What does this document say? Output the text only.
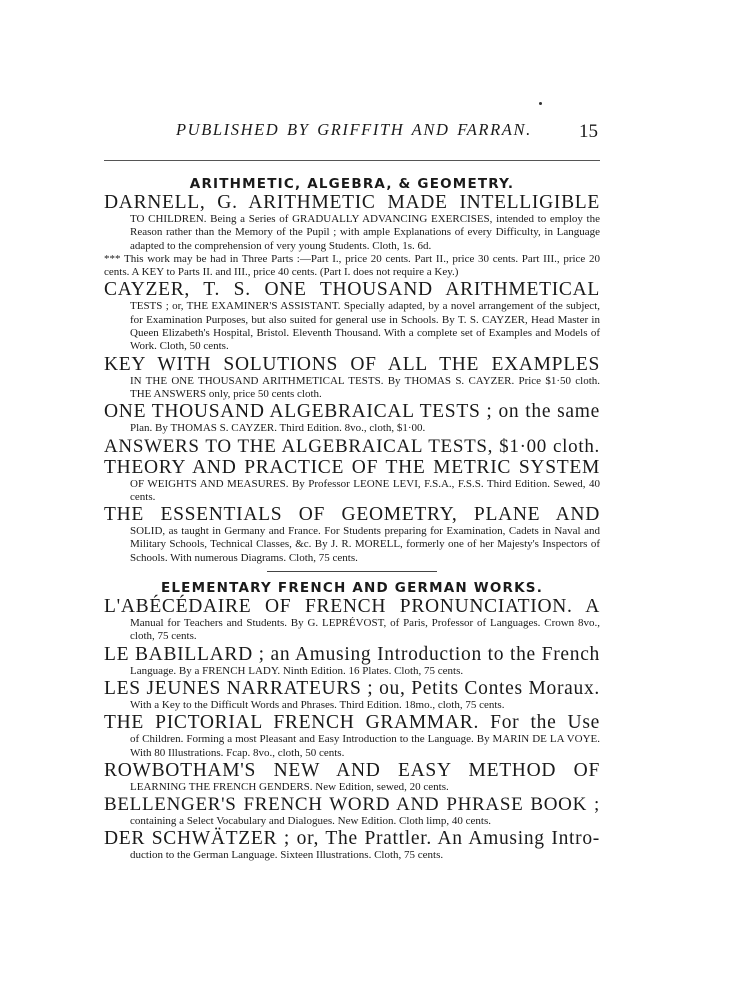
PUBLISHED BY GRIFFITH AND FARRAN. 15
ARITHMETIC, ALGEBRA, & GEOMETRY.
DARNELL, G. ARITHMETIC MADE INTELLIGIBLE
TO CHILDREN. Being a Series of GRADUALLY ADVANCING EXERCISES, intended to employ the Reason rather than the Memory of the Pupil ; with ample Explanations of every Difficulty, in Language adapted to the comprehension of very young Students. Cloth, 1s. 6d.
*** This work may be had in Three Parts :—Part I., price 20 cents. Part II., price 30 cents. Part III., price 20 cents. A KEY to Parts II. and III., price 40 cents. (Part I. does not require a Key.)
CAYZER, T. S. ONE THOUSAND ARITHMETICAL
TESTS ; or, THE EXAMINER'S ASSISTANT. Specially adapted, by a novel arrangement of the subject, for Examination Purposes, but also suited for general use in Schools. By T. S. CAYZER, Head Master in Queen Elizabeth's Hospital, Bristol. Eleventh Thousand. With a complete set of Examples and Models of Work. Cloth, 50 cents.
KEY WITH SOLUTIONS OF ALL THE EXAMPLES
IN THE ONE THOUSAND ARITHMETICAL TESTS. By THOMAS S. CAYZER. Price $1·50 cloth. THE ANSWERS only, price 50 cents cloth.
ONE THOUSAND ALGEBRAICAL TESTS ; on the same
Plan. By THOMAS S. CAYZER. Third Edition. 8vo., cloth, $1·00.
ANSWERS TO THE ALGEBRAICAL TESTS, $1·00 cloth.
THEORY AND PRACTICE OF THE METRIC SYSTEM
OF WEIGHTS AND MEASURES. By Professor LEONE LEVI, F.S.A., F.S.S. Third Edition. Sewed, 40 cents.
THE ESSENTIALS OF GEOMETRY, PLANE AND
SOLID, as taught in Germany and France. For Students preparing for Examination, Cadets in Naval and Military Schools, Technical Classes, &c. By J. R. MORELL, formerly one of her Majesty's Inspectors of Schools. With numerous Diagrams. Cloth, 75 cents.
ELEMENTARY FRENCH AND GERMAN WORKS.
L'ABÉCÉDAIRE OF FRENCH PRONUNCIATION. A
Manual for Teachers and Students. By G. LEPRÉVOST, of Paris, Professor of Languages. Crown 8vo., cloth, 75 cents.
LE BABILLARD ; an Amusing Introduction to the French
Language. By a FRENCH LADY. Ninth Edition. 16 Plates. Cloth, 75 cents.
LES JEUNES NARRATEURS ; ou, Petits Contes Moraux.
With a Key to the Difficult Words and Phrases. Third Edition. 18mo., cloth, 75 cents.
THE PICTORIAL FRENCH GRAMMAR. For the Use
of Children. Forming a most Pleasant and Easy Introduction to the Language. By MARIN DE LA VOYE. With 80 Illustrations. Fcap. 8vo., cloth, 50 cents.
ROWBOTHAM'S NEW AND EASY METHOD OF
LEARNING THE FRENCH GENDERS. New Edition, sewed, 20 cents.
BELLENGER'S FRENCH WORD AND PHRASE BOOK ;
containing a Select Vocabulary and Dialogues. New Edition. Cloth limp, 40 cents.
DER SCHWÄTZER ; or, The Prattler. An Amusing Intro-
duction to the German Language. Sixteen Illustrations. Cloth, 75 cents.
